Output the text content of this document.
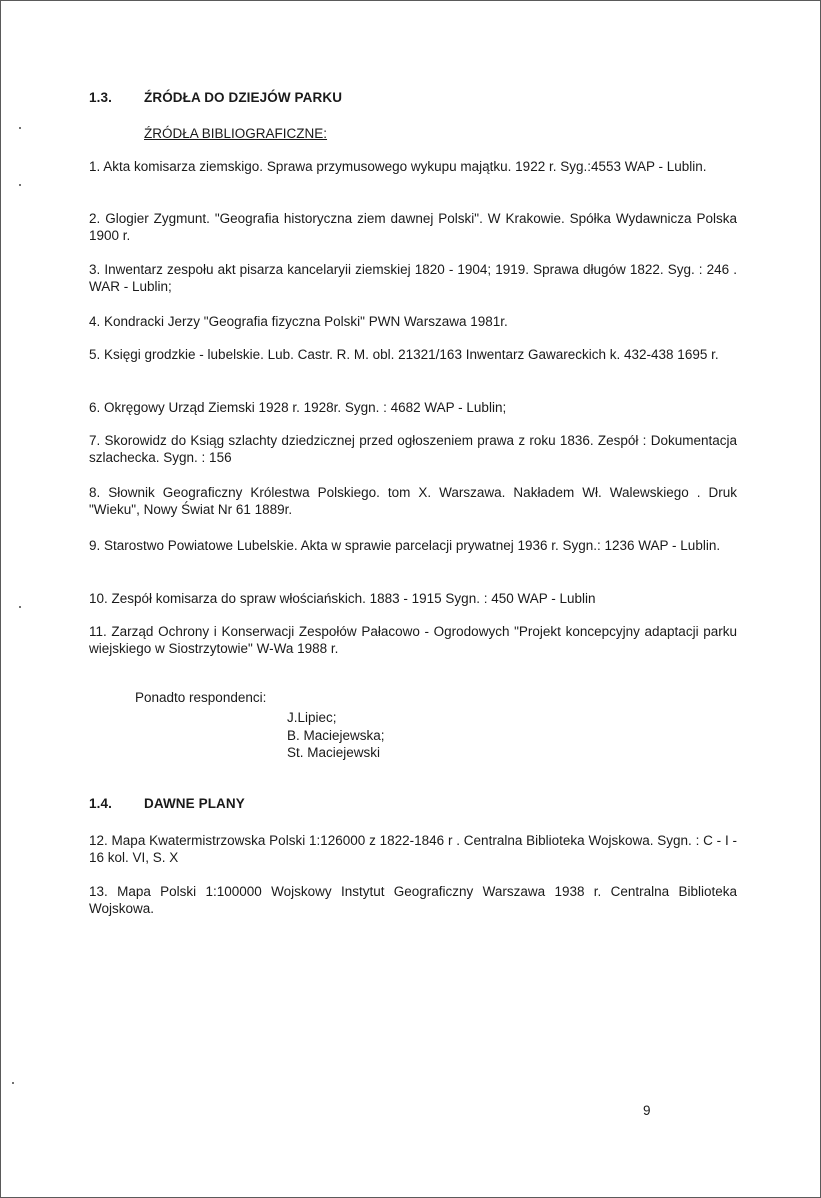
1.3. ŹRÓDŁA DO DZIEJÓW PARKU
ŹRÓDŁA BIBLIOGRAFICZNE:
1. Akta komisarza ziemskigo. Sprawa przymusowego wykupu majątku. 1922 r. Syg.:4553 WAP - Lublin.
2. Glogier Zygmunt. "Geografia historyczna ziem dawnej Polski". W Krakowie. Spółka Wydawnicza Polska 1900 r.
3. Inwentarz zespołu akt pisarza kancelaryii ziemskiej 1820 - 1904; 1919. Sprawa długów 1822. Syg. : 246 . WAR - Lublin;
4. Kondracki Jerzy "Geografia fizyczna Polski" PWN Warszawa 1981r.
5. Księgi grodzkie - lubelskie. Lub. Castr. R. M. obl. 21321/163 Inwentarz Gawareckich k. 432-438 1695 r.
6. Okręgowy Urząd Ziemski 1928 r. 1928r. Sygn. : 4682 WAP - Lublin;
7. Skorowidz do Ksiąg szlachty dziedzicznej przed ogłoszeniem prawa z roku 1836. Zespół : Dokumentacja szlachecka. Sygn. : 156
8. Słownik Geograficzny Królestwa Polskiego. tom X. Warszawa. Nakładem Wł. Walewskiego . Druk "Wieku", Nowy Świat Nr 61 1889r.
9. Starostwo Powiatowe Lubelskie. Akta w sprawie parcelacji prywatnej 1936 r. Sygn.: 1236 WAP - Lublin.
10. Zespół komisarza do spraw włościańskich. 1883 - 1915 Sygn. : 450 WAP - Lublin
11. Zarząd Ochrony i Konserwacji Zespołów Pałacowo - Ogrodowych "Projekt koncepcyjny adaptacji parku wiejskiego w Siostrzytowie" W-Wa 1988 r.
Ponadto respondenci:
J.Lipiec;
B. Maciejewska;
St. Maciejewski
1.4. DAWNE PLANY
12. Mapa Kwatermistrzowska Polski 1:126000 z 1822-1846 r . Centralna Biblioteka Wojskowa. Sygn. : C - I - 16 kol. VI, S. X
13. Mapa Polski 1:100000 Wojskowy Instytut Geograficzny Warszawa 1938 r. Centralna Biblioteka Wojskowa.
9
